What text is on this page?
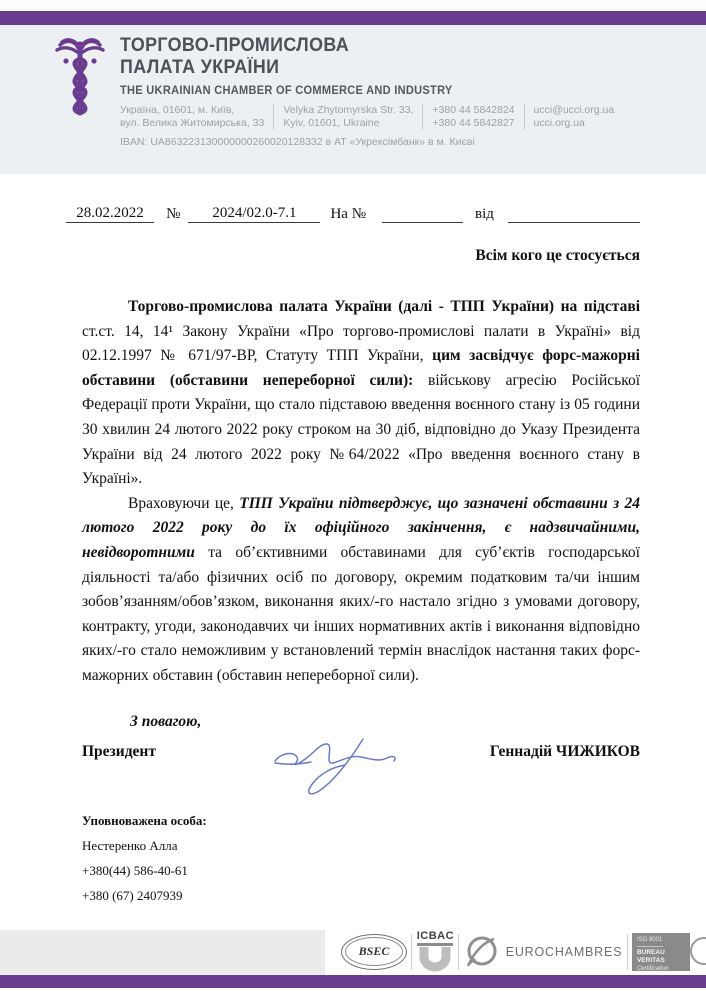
ТОРГОВО-ПРОМИСЛОВА
ПАЛАТА УКРАЇНИ
THE UKRAINIAN CHAMBER OF COMMERCE AND INDUSTRY
Україна, 01601, м. Київ,
вул. Велика Житомирська, 33
Velyka Zhytomyrska Str. 33,
Kyiv, 01601, Ukraine
+380 44 5842824
+380 44 5842827
ucci@ucci.org.ua
ucci.org.ua
IBAN: UA863223130000000260020128332 в АТ «Укрексімбанк» в м. Києві
28.02.2022	№	2024/02.0-7.1	На №	від
Всім кого це стосується

Торгово-промислова палата України (далі - ТПП України) на підставі ст.ст. 14, 14¹ Закону України «Про торгово-промислові палати в Україні» від 02.12.1997 № 671/97-ВР, Статуту ТПП України, цим засвідчує форс-мажорні обставини (обставини непереборної сили): військову агресію Російської Федерації проти України, що стало підставою введення воєнного стану із 05 години 30 хвилин 24 лютого 2022 року строком на 30 діб, відповідно до Указу Президента України від 24 лютого 2022 року №64/2022 «Про введення воєнного стану в Україні».

Враховуючи це, ТПП України підтверджує, що зазначені обставини з 24 лютого 2022 року до їх офіційного закінчення, є надзвичайними, невідворотними та об’єктивними обставинами для суб’єктів господарської діяльності та/або фізичних осіб по договору, окремим податковим та/чи іншим зобов’язанням/обов’язком, виконання яких/-го настало згідно з умовами договору, контракту, угоди, законодавчих чи інших нормативних актів і виконання відповідно яких/-го стало неможливим у встановлений термін внаслідок настання таких форс-мажорних обставин (обставин непереборної сили).

З повагою,
Президент	Геннадій ЧИЖИКОВ
Уповноважена особа:
Нестеренко Алла
+380(44) 586-40-61
+380 (67) 2407939
BSEC
ICBAC
EUROCHAMBRES
ISO 9001
BUREAU VERITAS
Certification
